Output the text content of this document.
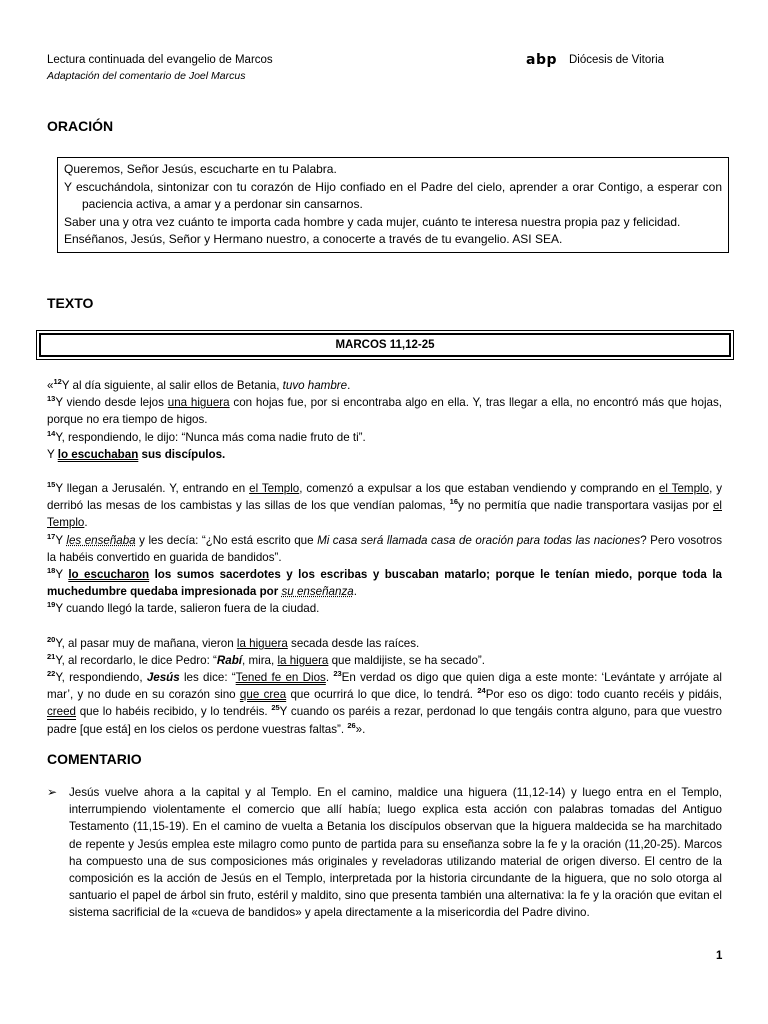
Lectura continuada del evangelio de Marcos
Adaptación del comentario de Joel Marcus
abp Diócesis de Vitoria
ORACIÓN

Queremos, Señor Jesús, escucharte en tu Palabra.

Y escuchándola, sintonizar con tu corazón de Hijo confiado en el Padre del cielo, aprender a orar Contigo, a esperar con paciencia activa, a amar y a perdonar sin cansarnos.

Saber una y otra vez cuánto te importa cada hombre y cada mujer, cuánto te interesa nuestra propia paz y felicidad.

Enséñanos, Jesús, Señor y Hermano nuestro, a conocerte a través de tu evangelio. ASI SEA.

TEXTO
MARCOS 11,12-25

«$^{12}$Y al día siguiente, al salir ellos de Betania, tuvo hambre.

$^{13}$Y viendo desde lejos una higuera con hojas fue, por si encontraba algo en ella. Y, tras llegar a ella, no encontró más que hojas, porque no era tiempo de higos.

$^{14}$Y, respondiendo, le dijo: “Nunca más coma nadie fruto de ti”.

Y lo escuchaban sus discípulos.

$^{15}$Y llegan a Jerusalén. Y, entrando en el Templo, comenzó a expulsar a los que estaban vendiendo y comprando en el Templo, y derribó las mesas de los cambistas y las sillas de los que vendían palomas, $^{16}$y no permitía que nadie transportara vasijas por el Templo.

$^{17}$Y les enseñaba y les decía: “¿No está escrito que Mi casa será llamada casa de oración para todas las naciones? Pero vosotros la habéis convertido en guarida de bandidos”.

$^{18}$Y lo escucharon los sumos sacerdotes y los escribas y buscaban matarlo; porque le tenían miedo, porque toda la muchedumbre quedaba impresionada por su enseñanza.

$^{19}$Y cuando llegó la tarde, salieron fuera de la ciudad.

$^{20}$Y, al pasar muy de mañana, vieron la higuera secada desde las raíces.

$^{21}$Y, al recordarlo, le dice Pedro: “Rabí, mira, la higuera que maldijiste, se ha secado”.

$^{22}$Y, respondiendo, Jesús les dice: “Tened fe en Dios. $^{23}$En verdad os digo que quien diga a este monte: ‘Levántate y arrójate al mar’, y no dude en su corazón sino que crea que ocurrirá lo que dice, lo tendrá. $^{24}$Por eso os digo: todo cuanto recéis y pidáis, creed que lo habéis recibido, y lo tendréis. $^{25}$Y cuando os paréis a rezar, perdonad lo que tengáis contra alguno, para que vuestro padre [que está] en los cielos os perdone vuestras faltas”. $^{26}$».

COMENTARIO
➢	Jesús vuelve ahora a la capital y al Templo. En el camino, maldice una higuera (11,12-14) y luego entra en el Templo, interrumpiendo violentamente el comercio que allí había; luego explica esta acción con palabras tomadas del Antiguo Testamento (11,15-19). En el camino de vuelta a Betania los discípulos observan que la higuera maldecida se ha marchitado de repente y Jesús emplea este milagro como punto de partida para su enseñanza sobre la fe y la oración (11,20-25). Marcos ha compuesto una de sus composiciones más originales y reveladoras utilizando material de origen diverso. El centro de la composición es la acción de Jesús en el Templo, interpretada por la historia circundante de la higuera, que no solo otorga al santuario el papel de árbol sin fruto, estéril y maldito, sino que presenta también una alternativa: la fe y la oración que evitan el sistema sacrificial de la «cueva de bandidos» y apela directamente a la misericordia del Padre divino.

1
